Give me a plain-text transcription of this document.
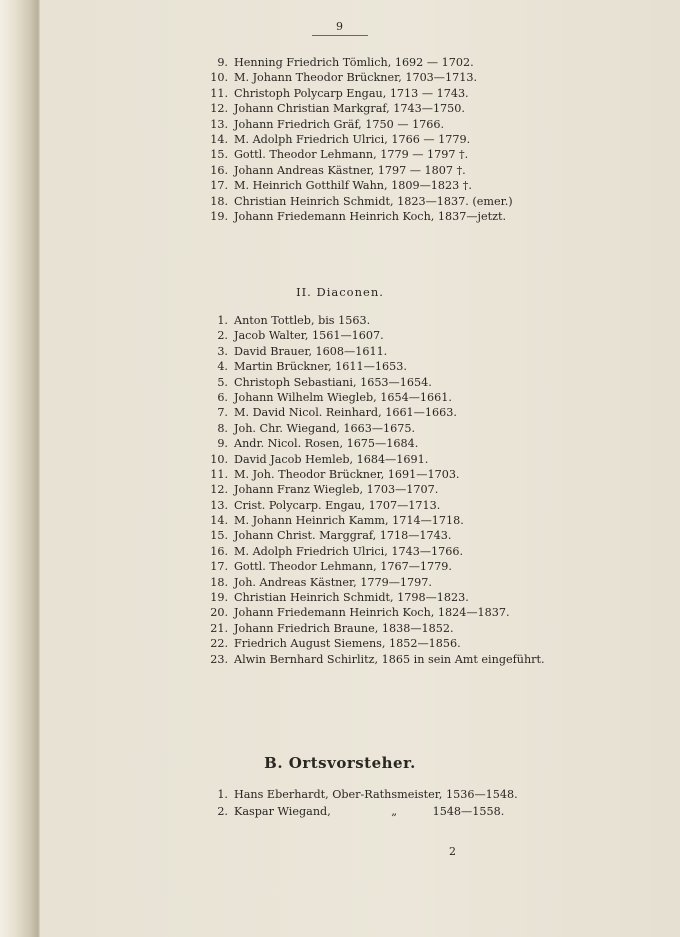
9
9. Henning Friedrich Tömlich, 1692 — 1702.
10. M. Johann Theodor Brückner, 1703—1713.
11. Christoph Polycarp Engau, 1713 — 1743.
12. Johann Christian Markgraf, 1743—1750.
13. Johann Friedrich Gräf, 1750 — 1766.
14. M. Adolph Friedrich Ulrici, 1766 — 1779.
15. Gottl. Theodor Lehmann, 1779 — 1797 †.
16. Johann Andreas Kästner, 1797 — 1807 †.
17. M. Heinrich Gotthilf Wahn, 1809—1823 †.
18. Christian Heinrich Schmidt, 1823—1837. (emer.)
19. Johann Friedemann Heinrich Koch, 1837—jetzt.
II. Diaconen.
1. Anton Tottleb, bis 1563.
2. Jacob Walter, 1561—1607.
3. David Brauer, 1608—1611.
4. Martin Brückner, 1611—1653.
5. Christoph Sebastiani, 1653—1654.
6. Johann Wilhelm Wiegleb, 1654—1661.
7. M. David Nicol. Reinhard, 1661—1663.
8. Joh. Chr. Wiegand, 1663—1675.
9. Andr. Nicol. Rosen, 1675—1684.
10. David Jacob Hemleb, 1684—1691.
11. M. Joh. Theodor Brückner, 1691—1703.
12. Johann Franz Wiegleb, 1703—1707.
13. Crist. Polycarp. Engau, 1707—1713.
14. M. Johann Heinrich Kamm, 1714—1718.
15. Johann Christ. Marggraf, 1718—1743.
16. M. Adolph Friedrich Ulrici, 1743—1766.
17. Gottl. Theodor Lehmann, 1767—1779.
18. Joh. Andreas Kästner, 1779—1797.
19. Christian Heinrich Schmidt, 1798—1823.
20. Johann Friedemann Heinrich Koch, 1824—1837.
21. Johann Friedrich Braune, 1838—1852.
22. Friedrich August Siemens, 1852—1856.
23. Alwin Bernhard Schirlitz, 1865 in sein Amt eingeführt.
B. Ortsvorsteher.
1. Hans Eberhardt, Ober-Rathsmeister, 1536—1548.
2. Kaspar Wiegand,                 „          1548—1558.
2
